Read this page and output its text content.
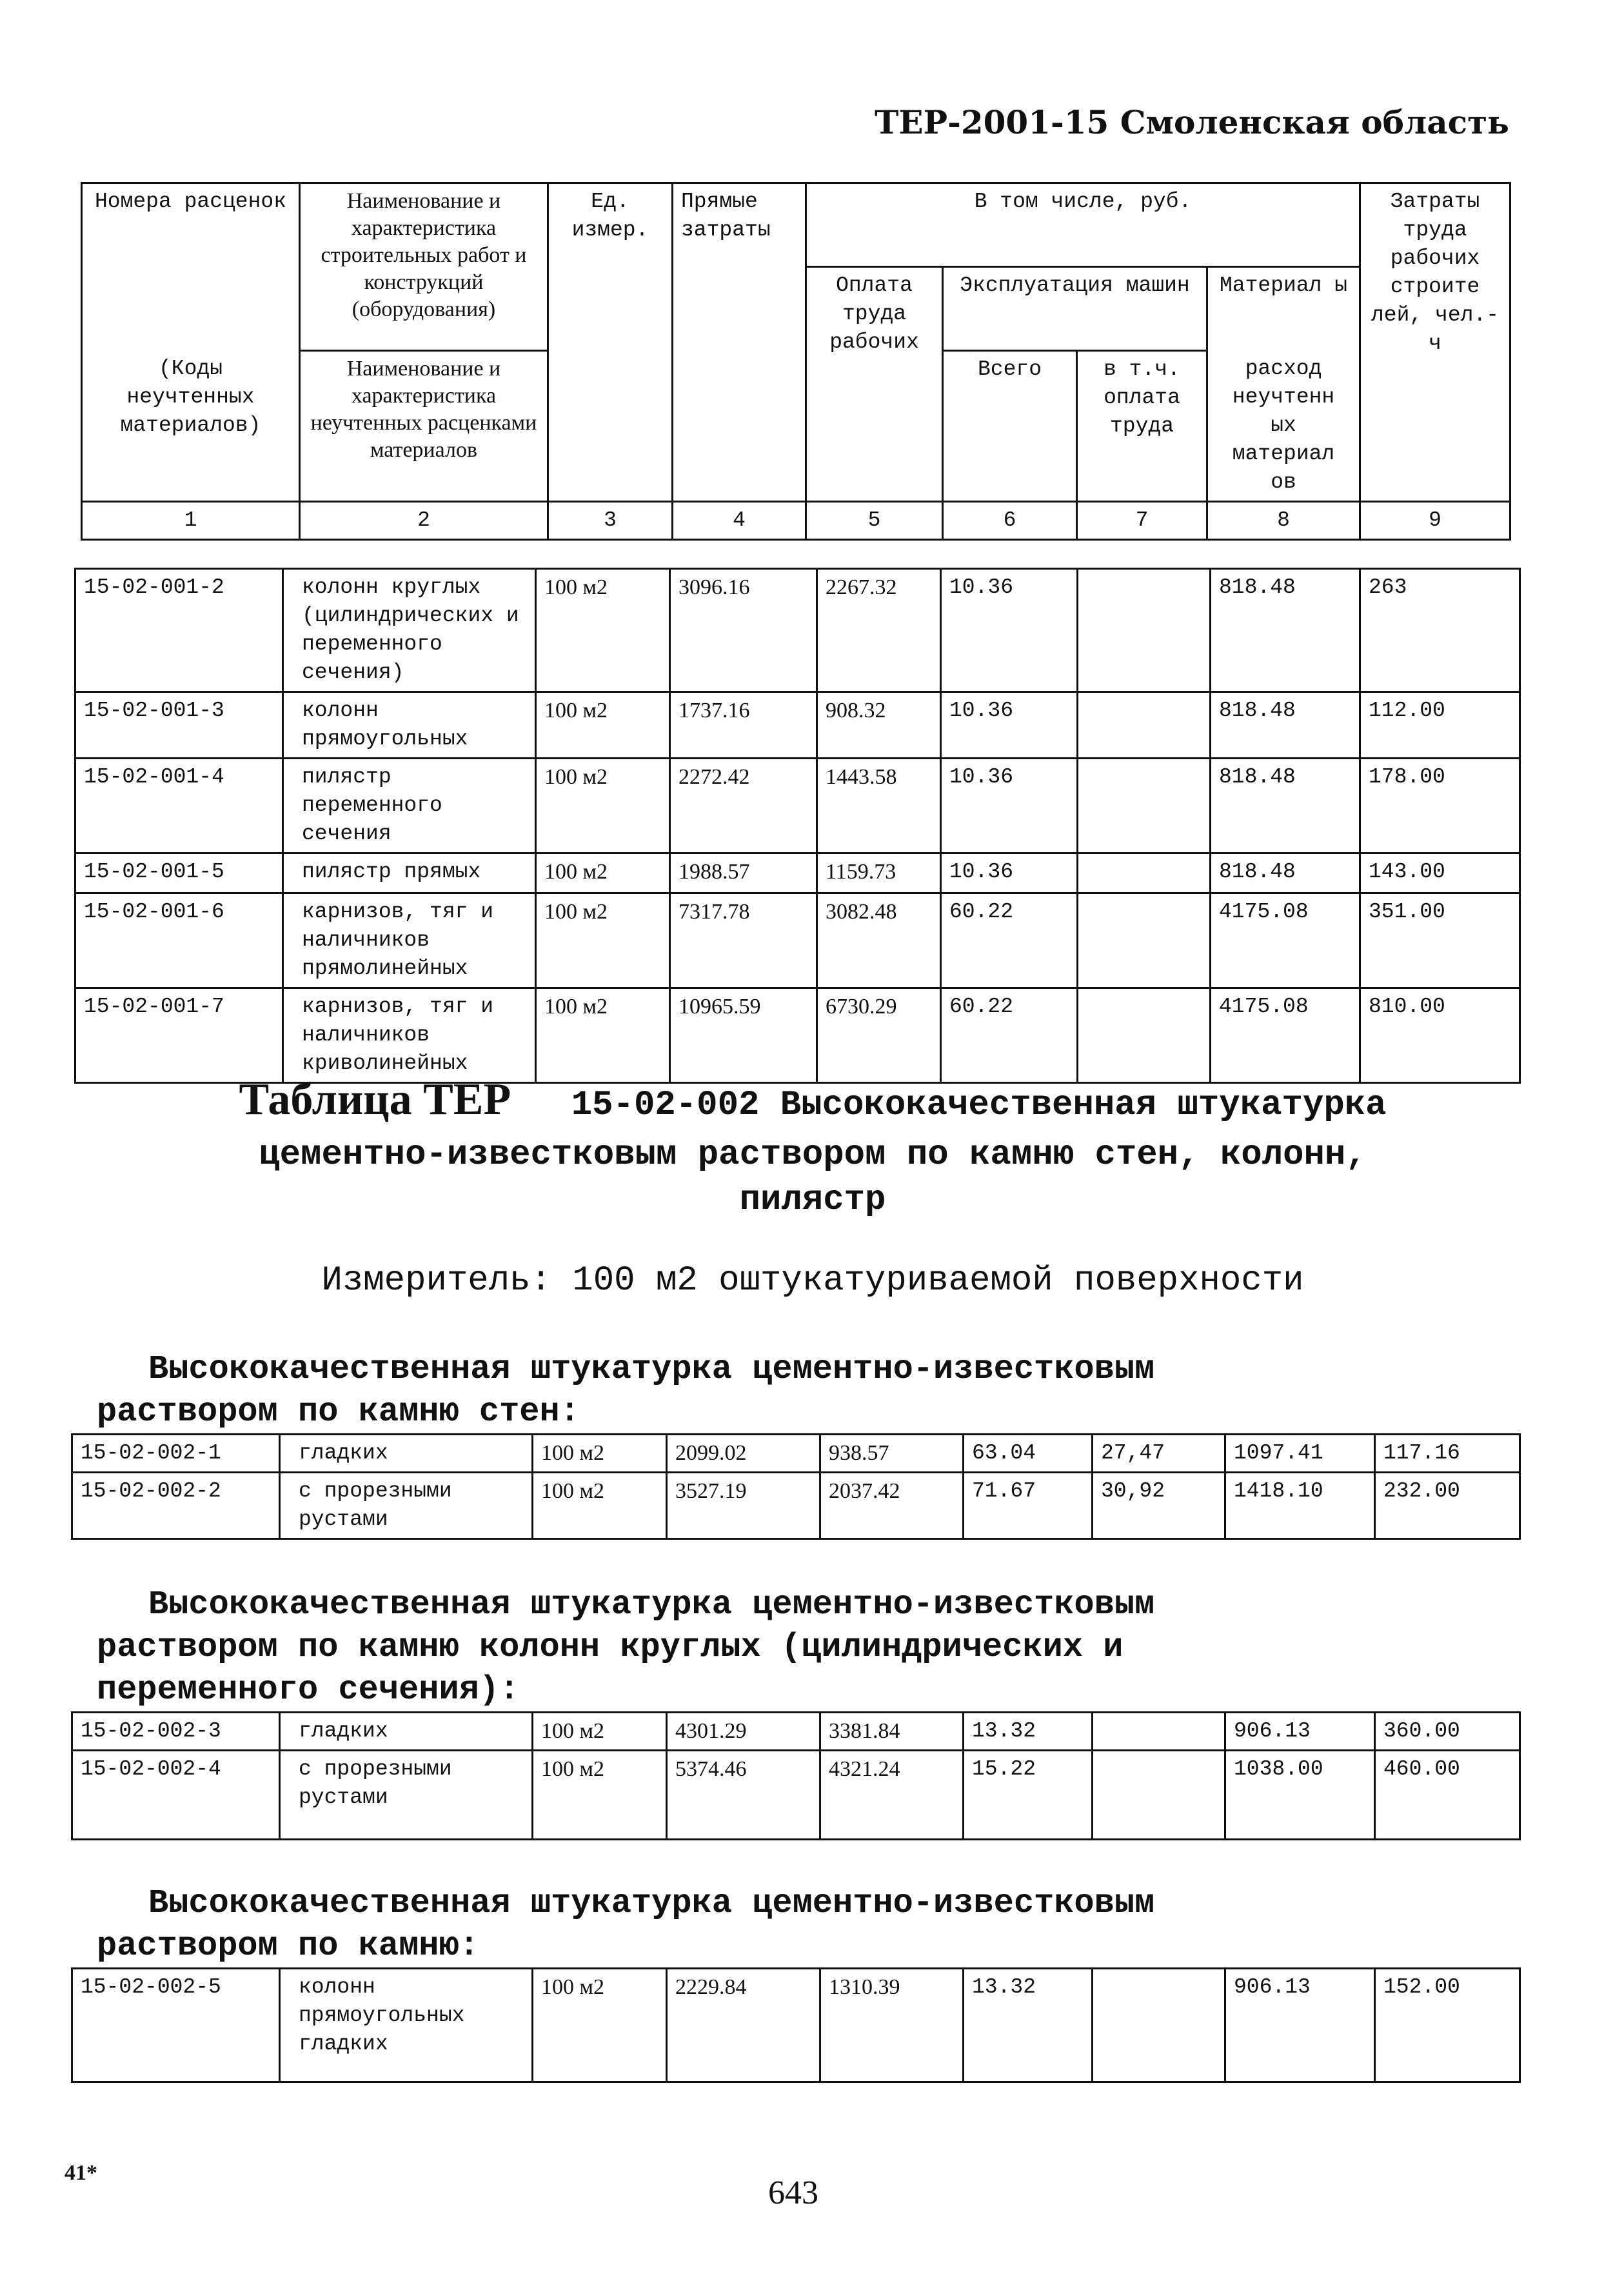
ТЕР-2001-15 Смоленская область
Номера расценок	Наименование и характеристика строительных работ и конструкций (оборудования)	Ед. измер.	Прямые затраты	В том числе, руб.				Затраты труда рабочих строите лей, чел.-ч
				Оплата труда рабочих	Эксплуатация машин		Материал ы	
(Коды неучтенных материалов)	Наименование и характеристика неучтенных расценками материалов				Всего	в т.ч. оплата труда	расход неучтенн ых материал ов	
1	2	3	4	5	6	7	8	9
15-02-001-2	колонн круглых (цилиндрических и переменного сечения)	100 м2	3096.16	2267.32	10.36		818.48	263
15-02-001-3	колонн прямоугольных	100 м2	1737.16	908.32	10.36		818.48	112.00
15-02-001-4	пилястр переменного сечения	100 м2	2272.42	1443.58	10.36		818.48	178.00
15-02-001-5	пилястр прямых	100 м2	1988.57	1159.73	10.36		818.48	143.00
15-02-001-6	карнизов, тяг и наличников прямолинейных	100 м2	7317.78	3082.48	60.22		4175.08	351.00
15-02-001-7	карнизов, тяг и наличников криволинейных	100 м2	10965.59	6730.29	60.22		4175.08	810.00
Таблица ТЕР 15-02-002 Высококачественная штукатурка
цементно-известковым раствором по камню стен, колонн,
пилястр
Измеритель: 100 м2 оштукатуриваемой поверхности
Высококачественная штукатурка цементно-известковым
раствором по камню стен:
15-02-002-1	гладких	100 м2	2099.02	938.57	63.04	27,47	1097.41	117.16
15-02-002-2	с прорезными рустами	100 м2	3527.19	2037.42	71.67	30,92	1418.10	232.00
Высококачественная штукатурка цементно-известковым
раствором по камню колонн круглых (цилиндрических и
переменного сечения):
15-02-002-3	гладких	100 м2	4301.29	3381.84	13.32		906.13	360.00
15-02-002-4	с прорезными рустами	100 м2	5374.46	4321.24	15.22		1038.00	460.00
Высококачественная штукатурка цементно-известковым
раствором по камню:
15-02-002-5	колонн прямоугольных гладких	100 м2	2229.84	1310.39	13.32		906.13	152.00
41*
643
